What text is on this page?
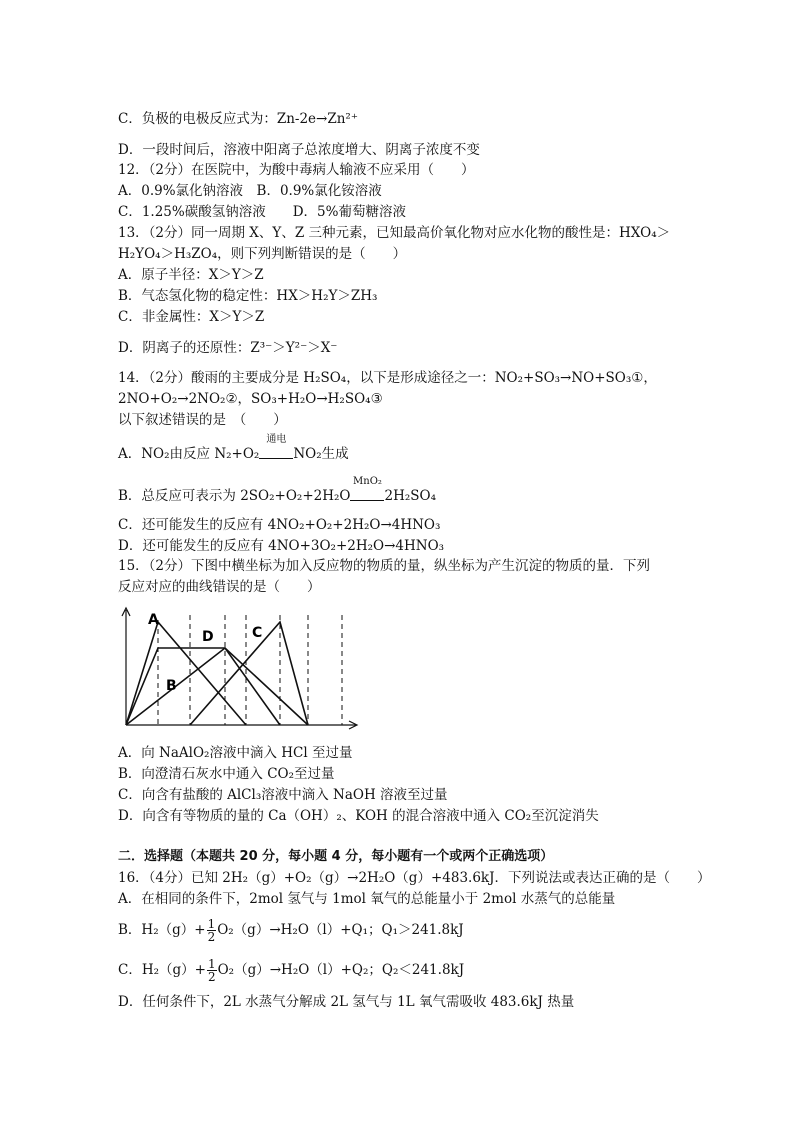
C．负极的电极反应式为：Zn-2e→Zn²⁺
D．一段时间后，溶液中阳离子总浓度增大、阴离子浓度不变
12．（2分）在医院中，为酸中毒病人输液不应采用（　　）
A．0.9%氯化钠溶液　B．0.9%氯化铵溶液
C．1.25%碳酸氢钠溶液　　D．5%葡萄糖溶液
13．（2分）同一周期 X、Y、Z 三种元素，已知最高价氧化物对应水化物的酸性是：HXO₄＞
H₂YO₄＞H₃ZO₄，则下列判断错误的是（　　）
A．原子半径：X＞Y＞Z
B．气态氢化物的稳定性：HX＞H₂Y＞ZH₃
C．非金属性：X＞Y＞Z
D．阴离子的还原性：Z³⁻＞Y²⁻＞X⁻
14．（2分）酸雨的主要成分是 H₂SO₄，以下是形成途径之一：NO₂+SO₃→NO+SO₃①，
2NO+O₂→2NO₂②，SO₃+H₂O→H₂SO₄③
以下叙述错误的是　（　　）
A．NO₂由反应 N₂+O₂
通电
NO₂生成
B．总反应可表示为 2SO₂+O₂+2H₂O
MnO₂
2H₂SO₄
C．还可能发生的反应有 4NO₂+O₂+2H₂O→4HNO₃
D．还可能发生的反应有 4NO+3O₂+2H₂O→4HNO₃
15．（2分）下图中横坐标为加入反应物的物质的量，纵坐标为产生沉淀的物质的量．下列
反应对应的曲线错误的是（　　）
A
B
C
D
A．向 NaAlO₂溶液中滴入 HCl 至过量
B．向澄清石灰水中通入 CO₂至过量
C．向含有盐酸的 AlCl₃溶液中滴入 NaOH 溶液至过量
D．向含有等物质的量的 Ca（OH）₂、KOH 的混合溶液中通入 CO₂至沉淀消失
二．选择题（本题共 20 分，每小题 4 分，每小题有一个或两个正确选项）
16．（4分）已知 2H₂（g）+O₂（g）→2H₂O（g）+483.6kJ．下列说法或表达正确的是（　　）
A．在相同的条件下，2mol 氢气与 1mol 氧气的总能量小于 2mol 水蒸气的总能量
B．$H_2(g)+ \frac{1}{2} O_2(g)\to H_2O(l)+Q_1$；Q₁＞241.8kJ
C．$H_2(g)+ \frac{1}{2} O_2(g)\to H_2O(l)+Q_2$；Q₂＜241.8kJ
D．任何条件下，2L 水蒸气分解成 2L 氢气与 1L 氧气需吸收 483.6kJ 热量
